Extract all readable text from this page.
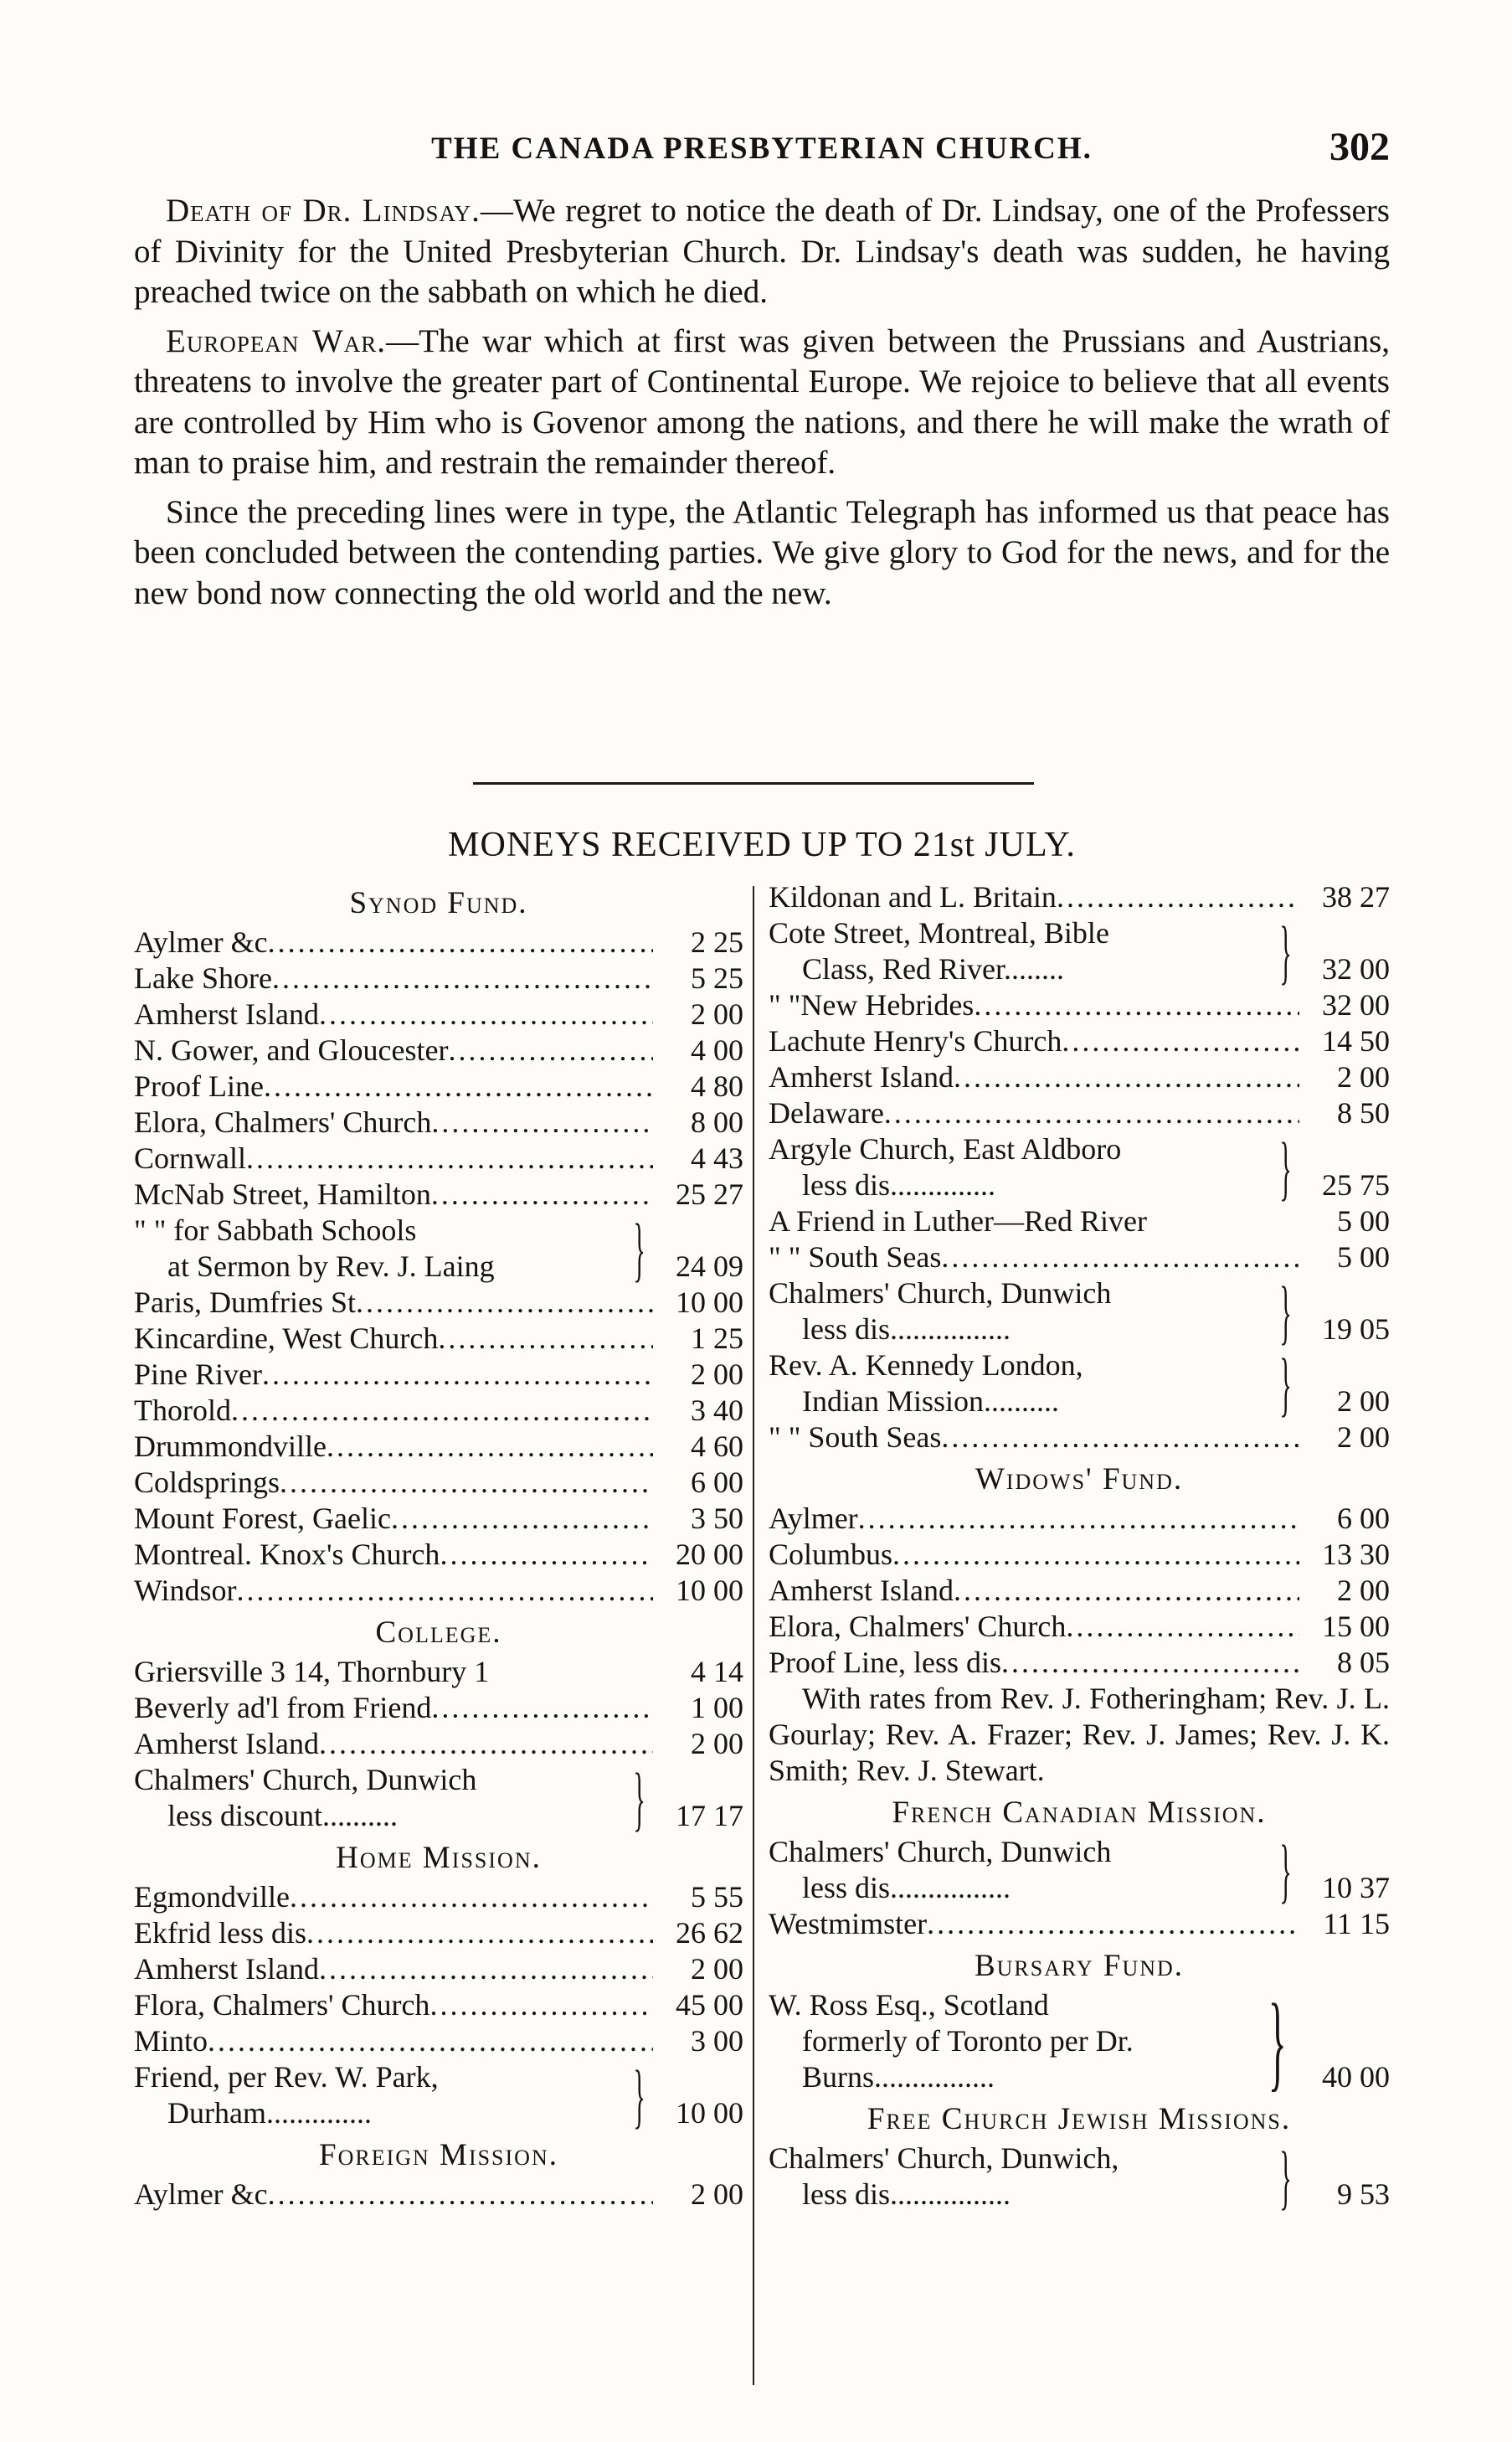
THE CANADA PRESBYTERIAN CHURCH.	302

Death of Dr. Lindsay.—We regret to notice the death of Dr. Lindsay, one of the Professers of Divinity for the United Presbyterian Church. Dr. Lindsay's death was sudden, he having preached twice on the sabbath on which he died.

European War.—The war which at first was given between the Prussians and Austrians, threatens to involve the greater part of Continental Europe. We rejoice to believe that all events are controlled by Him who is Govenor among the nations, and there he will make the wrath of man to praise him, and restrain the remainder thereof.

Since the preceding lines were in type, the Atlantic Telegraph has informed us that peace has been concluded between the contending parties. We give glory to God for the news, and for the new bond now connecting the old world and the new.

MONEYS RECEIVED UP TO 21st JULY.
Synod Fund.
Aylmer &c .....	2 25
Lake Shore .....	5 25
Amherst Island .....	2 00
N. Gower, and Gloucester .....	4 00
Proof Line .....	4 80
Elora, Chalmers' Church .....	8 00
Cornwall .....	4 43
McNab Street, Hamilton .....	25 27
" " for Sabbath Schools
at Sermon by Rev. J. Laing	}	24 09
Paris, Dumfries St .....	10 00
Kincardine, West Church .....	1 25
Pine River .....	2 00
Thorold .....	3 40
Drummondville .....	4 60
Coldsprings .....	6 00
Mount Forest, Gaelic .....	3 50
Montreal. Knox's Church .....	20 00
Windsor .....	10 00
College.
Griersville 3 14, Thornbury 1	4 14
Beverly ad'l from Friend .....	1 00
Amherst Island .....	2 00
Chalmers' Church, Dunwich
less discount..........	}	17 17
Home Mission.
Egmondville .....	5 55
Ekfrid less dis .....	26 62
Amherst Island .....	2 00
Flora, Chalmers' Church .....	45 00
Minto .....	3 00
Friend, per Rev. W. Park,
Durham..............	}	10 00
Foreign Mission.
Aylmer &c .....	2 00
Kildonan and L. Britain .....	38 27
Cote Street, Montreal, Bible
Class, Red River........	}	32 00
" "New Hebrides .....	32 00
Lachute Henry's Church .....	14 50
Amherst Island .....	2 00
Delaware .....	8 50
Argyle Church, East Aldboro
less dis..............	}	25 75
A Friend in Luther—Red River	5 00
" " South Seas .....	5 00
Chalmers' Church, Dunwich
less dis................	}	19 05
Rev. A. Kennedy London,
Indian Mission..........	}	2 00
" " South Seas .....	2 00
Widows' Fund.
Aylmer .....	6 00
Columbus .....	13 30
Amherst Island .....	2 00
Elora, Chalmers' Church .....	15 00
Proof Line, less dis .....	8 05
With rates from Rev. J. Fotheringham; Rev. J. L. Gourlay; Rev. A. Frazer; Rev. J. James; Rev. J. K. Smith; Rev. J. Stewart.
French Canadian Mission.
Chalmers' Church, Dunwich
less dis................	}	10 37
Westmimster .....	11 15
Bursary Fund.
W. Ross Esq., Scotland
formerly of Toronto per Dr.
Burns................	}	40 00
Free Church Jewish Missions.
Chalmers' Church, Dunwich,
less dis................	}	9 53
